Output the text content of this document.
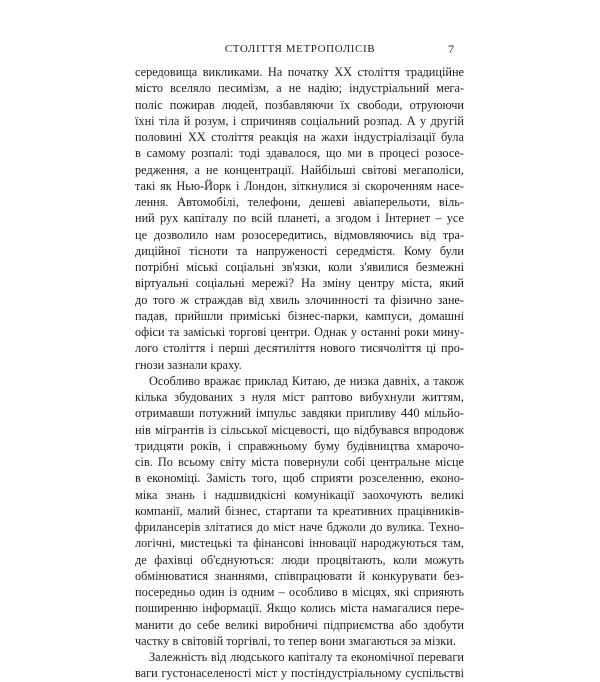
СТОЛІТТЯ МЕТРОПОЛІСІВ	7
середовища викликами. На початку XX століття традиційне
місто вселяло песимізм, а не надію; індустріальний мега-
поліс пожирав людей, позбавляючи їх свободи, отруюючи
їхні тіла й розум, і спричиняв соціальний розпад. А у другій
половині XX століття реакція на жахи індустріалізації була
в самому розпалі: тоді здавалося, що ми в процесі розосе-
редження, а не концентрації. Найбільші світові мегаполіси,
такі як Нью-Йорк і Лондон, зіткнулися зі скороченням насе-
лення. Автомобілі, телефони, дешеві авіаперельоти, віль-
ний рух капіталу по всій планеті, а згодом і Інтернет – усе
це дозволило нам розосередитись, відмовляючись від тра-
диційної тісноти та напруженості середмістя. Кому були
потрібні міські соціальні зв'язки, коли з'явилися безмежні
віртуальні соціальні мережі? На зміну центру міста, який
до того ж страждав від хвиль злочинності та фізично зане-
падав, прийшли приміські бізнес-парки, кампуси, домашні
офіси та заміські торгові центри. Однак у останні роки мину-
лого століття і перші десятиліття нового тисячоліття ці про-
гнози зазнали краху.
Особливо вражає приклад Китаю, де низка давніх, а також
кілька збудованих з нуля міст раптово вибухнули життям,
отримавши потужний імпульс завдяки припливу 440 мільйо-
нів мігрантів із сільської місцевості, що відбувався впродовж
тридцяти років, і справжньому буму будівництва хмарочо-
сів. По всьому світу міста повернули собі центральне місце
в економіці. Замість того, щоб сприяти розселенню, еконо-
міка знань і надшвидкісні комунікації заохочують великі
компанії, малий бізнес, стартапи та креативних працівників-
фрилансерів злітатися до міст наче бджоли до вулика. Техно-
логічні, мистецькі та фінансові інновації народжуються там,
де фахівці об'єднуються: люди процвітають, коли можуть
обмінюватися знаннями, співпрацювати й конкурувати без-
посередньо один із одним – особливо в місцях, які сприяють
поширенню інформації. Якщо колись міста намагалися пере-
манити до себе великі виробничі підприємства або здобути
частку в світовій торгівлі, то тепер вони змагаються за мізки.
Залежність від людського капіталу та економічної переваги
ваги густонаселеності міст у постіндустріальному суспільстві
